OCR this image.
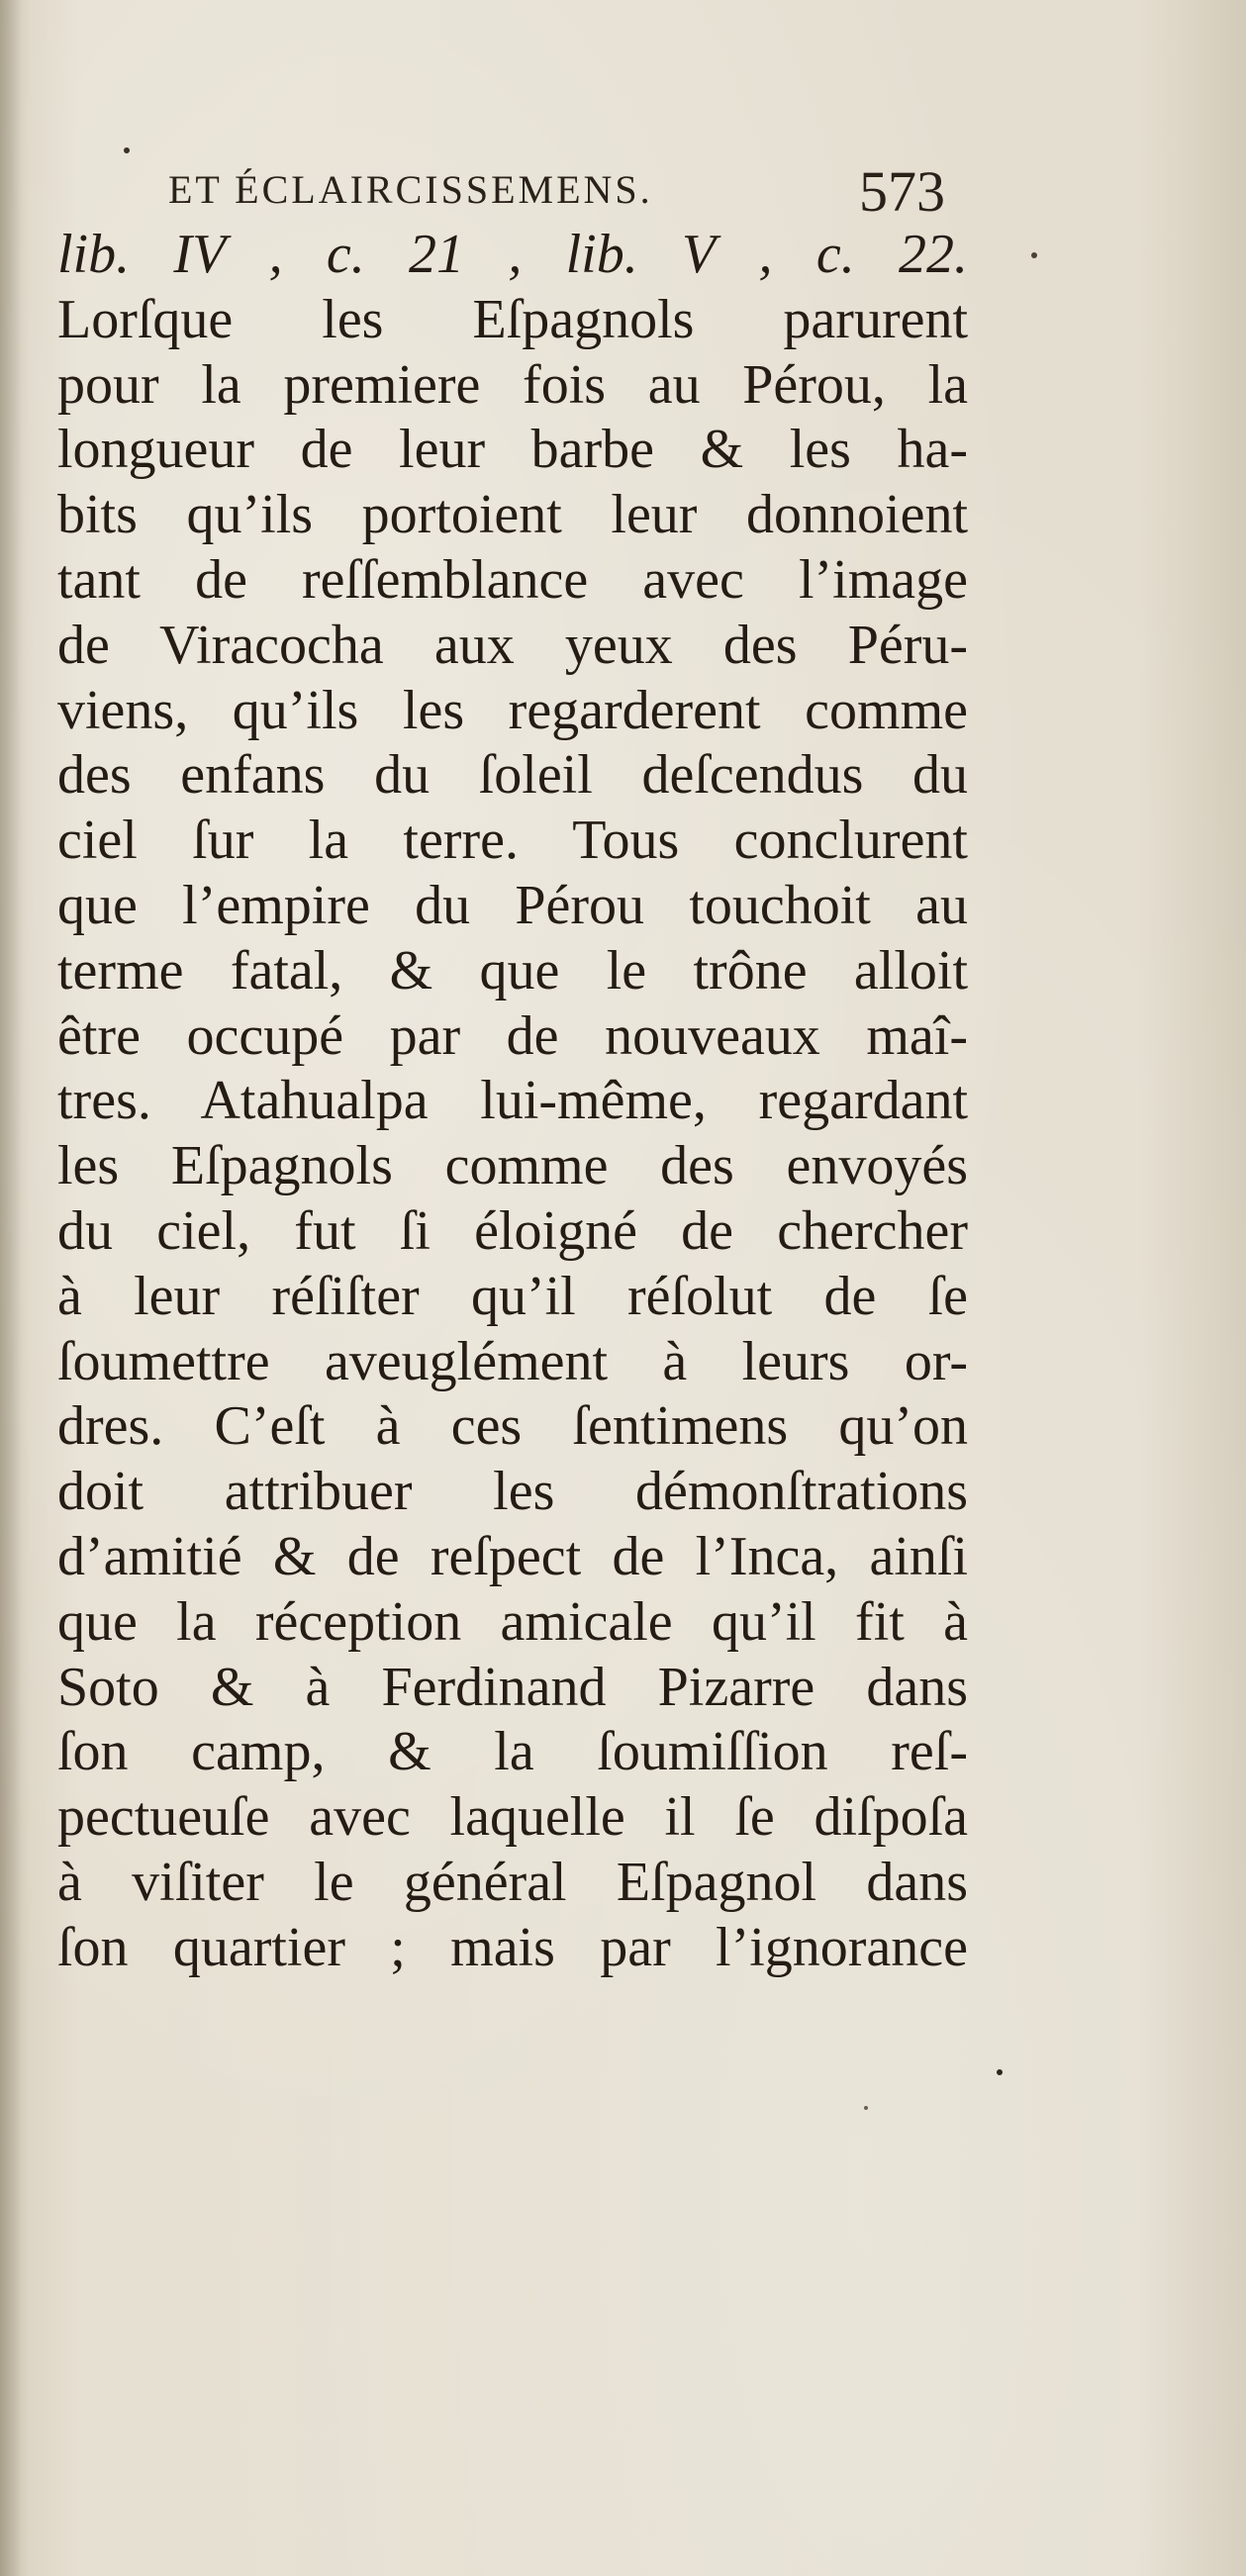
ET ÉCLAIRCISSEMENS.	573
lib. IV , c. 21 , lib. V , c. 22.
Lorſque les Eſpagnols parurent
pour la premiere fois au Pérou, la
longueur de leur barbe & les ha-
bits qu’ils portoient leur donnoient
tant de reſſemblance avec l’image
de Viracocha aux yeux des Péru-
viens, qu’ils les regarderent comme
des enfans du ſoleil deſcendus du
ciel ſur la terre. Tous conclurent
que l’empire du Pérou touchoit au
terme fatal, & que le trône alloit
être occupé par de nouveaux maî-
tres. Atahualpa lui-même, regardant
les Eſpagnols comme des envoyés
du ciel, fut ſi éloigné de chercher
à leur réſiſter qu’il réſolut de ſe
ſoumettre aveuglément à leurs or-
dres. C’eſt à ces ſentimens qu’on
doit attribuer les démonſtrations
d’amitié & de reſpect de l’Inca, ainſi
que la réception amicale qu’il fit à
Soto & à Ferdinand Pizarre dans
ſon camp, & la ſoumiſſion reſ-
pectueuſe avec laquelle il ſe diſpoſa
à viſiter le général Eſpagnol dans
ſon quartier ; mais par l’ignorance
